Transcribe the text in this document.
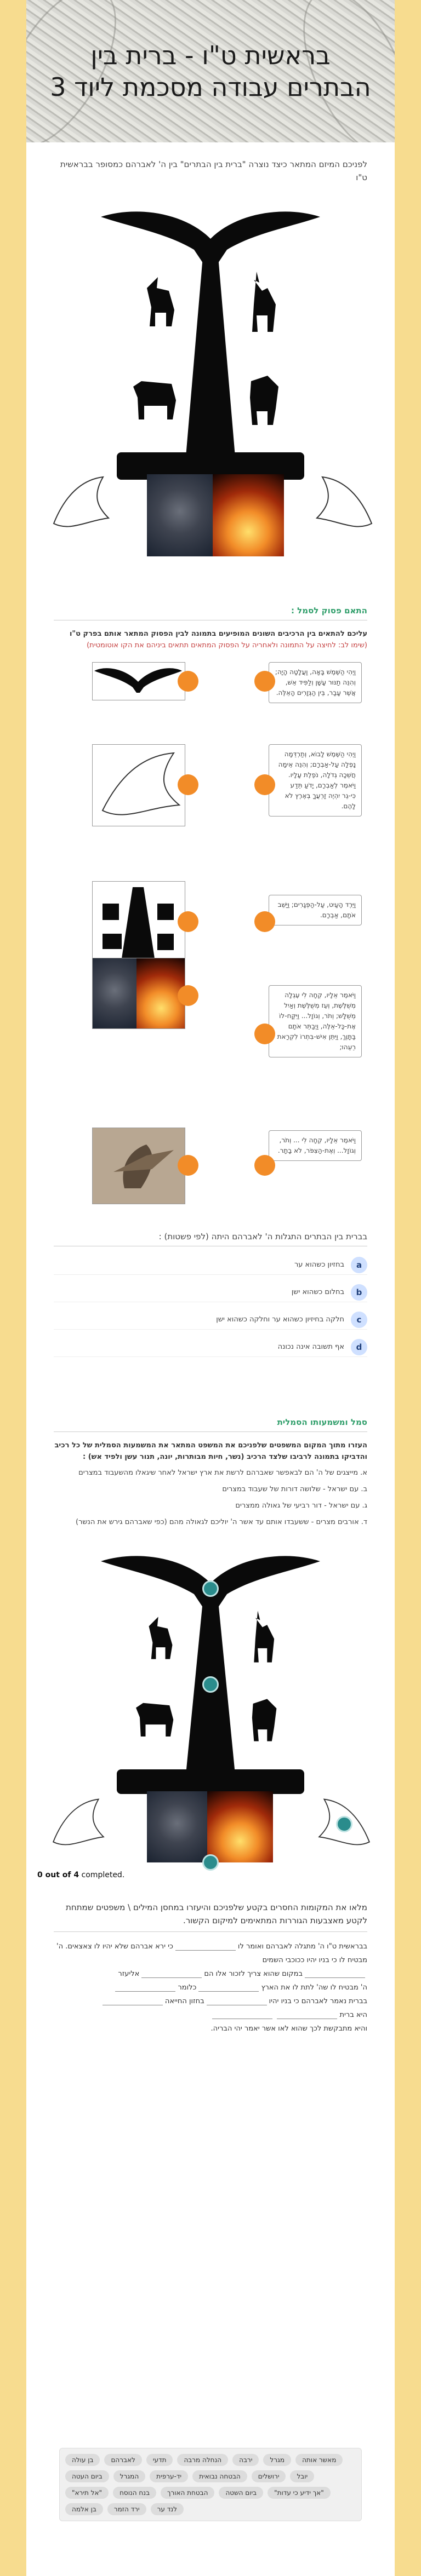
בראשית ט"ו - ברית בין הבתרים עבודה מסכמת ליוד 3

לפניכם המיזם המתאר כיצד נוצרה "ברית בין הבתרים" בין ה' לאברהם כמסופר בבראשית ט"ו

התאם פסוק לסמל :

עליכם להתאים בין הרכיבים השונים המופיעים בתמונה לבין הפסוק המתאר אותם בפרק ט"ו (שימו לב: לחיצה על התמונה ולאחריה על הפסוק המתאים תתאים ביניהם את הקו אוטומטית)

וַיְהִי הַשֶּׁמֶשׁ בָּאָה, וַעֲלָטָה הָיָה; וְהִנֵּה תַנּוּר עָשָׁן וְלַפִּיד אֵשׁ, אֲשֶׁר עָבַר, בֵּין הַגְּזָרִים הָאֵלֶּה.
וַיְהִי הַשֶּׁמֶשׁ לָבוֹא, וְתַרְדֵּמָה נָפְלָה עַל-אַבְרָם; וְהִנֵּה אֵימָה חֲשֵׁכָה גְדֹלָה, נֹפֶלֶת עָלָיו. וַיֹּאמֶר לְאַבְרָם, יָדֹעַ תֵּדַע כִּי-גֵר יִהְיֶה זַרְעֲךָ בְּאֶרֶץ לֹא לָהֶם.
וַיֵּרֶד הָעַיִט, עַל-הַפְּגָרִים; וַיַּשֵּׁב אֹתָם, אַבְרָם.
וַיֹּאמֶר אֵלָיו, קְחָה לִי עֶגְלָה מְשֻׁלֶּשֶׁת, וְעֵז מְשֻׁלֶּשֶׁת וְאַיִל מְשֻׁלָּשׁ; וְתֹר, וְגוֹזָל... וַיִּקַּח-לוֹ אֶת-כָּל-אֵלֶּה, וַיְבַתֵּר אֹתָם בַּתָּוֶךְ, וַיִּתֵּן אִישׁ-בִּתְרוֹ לִקְרַאת רֵעֵהוּ;
וַיֹּאמֶר אֵלָיו, קְחָה לִי ... וְתֹר, וְגוֹזָל... וְאֶת-הַצִּפֹּר, לֹא בָתָר.

בברית בין הבתרים התגלות ה' לאברהם היתה (לפי פשטות) :

a
בחזיון כשהוא ער
b
בחלום כשהוא ישן
c
חלקה בחיזיון כשהוא ער וחלקה כשהוא ישן
d
אף תשובה אינה נכונה
סמל ומשמעותו הסמלית

העזרו מתוך המקום המשפטים שלפניכם את המשפט המתאר את המשמעות הסמלית של כל רכיב והדביקו בתמונה לרביבו שלצד הרכיב (נשר, חיות מבותרות, יונה, תנור עשן ולפיד אש) :

א. מייצגים של ה' הם לבאפשר שאברהם לרשת את ארץ ישראל לאחר שיגאלו מהשעבוד במצרים

ב. עם ישראל - שלושה דורות של שעבוד במצרים

ג. עם ישראל - דור רביעי של גאולה ממצרים

ד. אורבים מצרים - ששעבדו אותם עד אשר ה' יוליכם לגאולה מהם (כפי שאברהם גירש את הנשר)

0 out of 4 completed.

מלאו את המקומות החסרים בקטע שלפניכם והיעזרו במחסן המילים \ משפטים שמתחת לקטע מאצבעות הגוררות המתאימים למיקום הקשור.

בבראשית ט"ו ה' מתגלה לאברהם ואומר לוכי ירא אברהם שלא יהיו לו צאצאים. ה' מבטיח לו כי בניו יהיו ככוכבי השמים

במקום שהוא צריך לזכור אלו הםאליעזר

ה' מבטיח לו שה' לתת לו את הארץכלומר

בברית נאמר לאברהם כי בניו יהיובחזון החייאה

היא ברית

והיא מתבקשת לכך שהוא לאו אשר יאמר יהי הבריה.

מאשר אותה
מגרל
ירבה
הנחלה מרבה
תדעי
לאברהם
בן עולה
יובל
ירושלים
הבטחה נבואית
יד-ערפית
המגרל
ביום העטה
"אך ידיע כי עדות"
ביום השטה
הבטחת האורך
בנח הנוסח
"אל תירא"
לנד ער
ירד הזמר
בן אלמה
